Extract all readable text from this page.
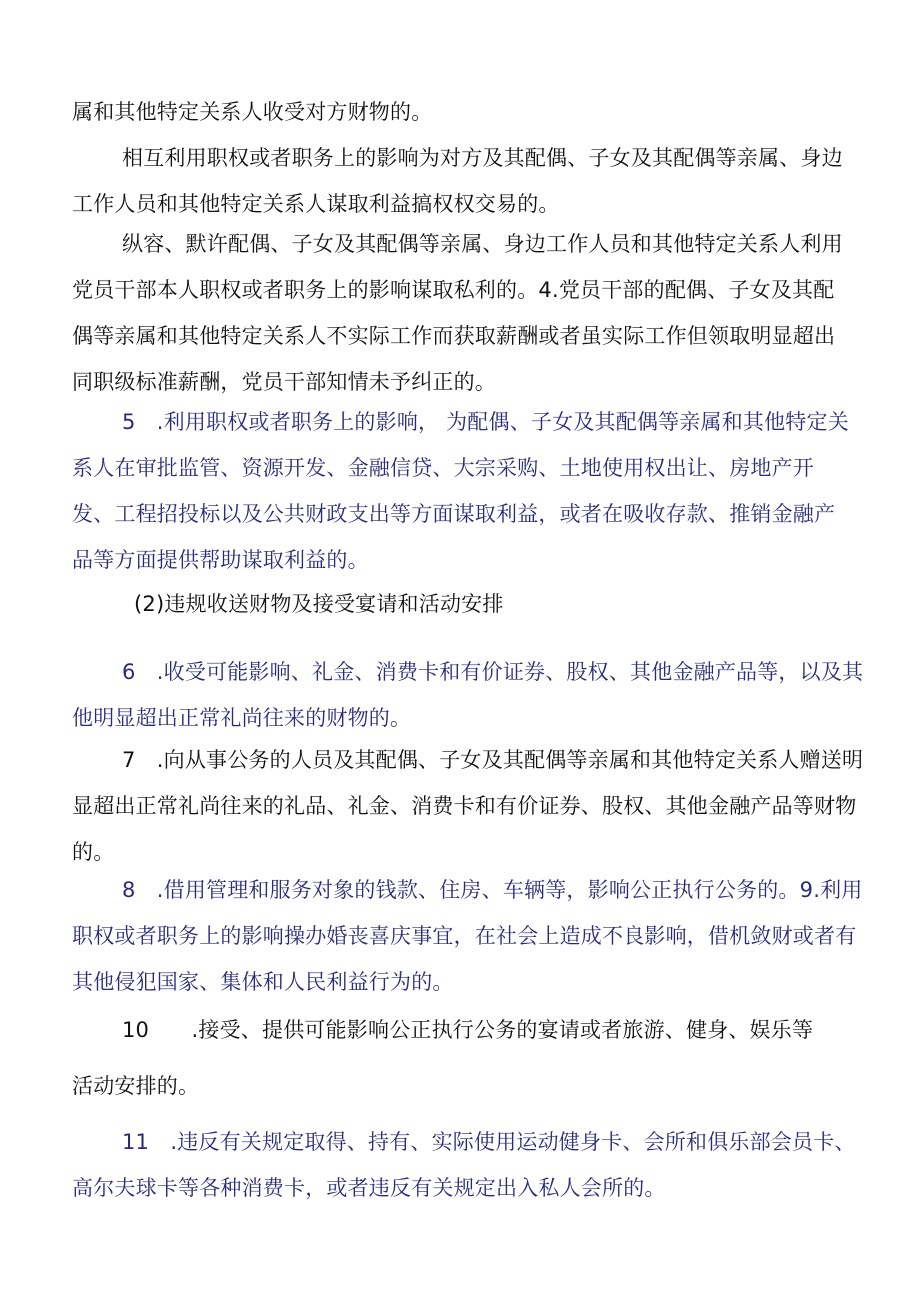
属和其他特定关系人收受对方财物的。

相互利用职权或者职务上的影响为对方及其配偶、子女及其配偶等亲属、身边
工作人员和其他特定关系人谋取利益搞权权交易的。

纵容、默许配偶、子女及其配偶等亲属、身边工作人员和其他特定关系人利用
党员干部本人职权或者职务上的影响谋取私利的。4.党员干部的配偶、子女及其配
偶等亲属和其他特定关系人不实际工作而获取薪酬或者虽实际工作但领取明显超出
同职级标准薪酬，党员干部知情未予纠正的。

5　.利用职权或者职务上的影响， 为配偶、子女及其配偶等亲属和其他特定关
系人在审批监管、资源开发、金融信贷、大宗采购、土地使用权出让、房地产开
发、工程招投标以及公共财政支出等方面谋取利益，或者在吸收存款、推销金融产
品等方面提供帮助谋取利益的。

(2)违规收送财物及接受宴请和活动安排

6　.收受可能影响、礼金、消费卡和有价证券、股权、其他金融产品等，以及其
他明显超出正常礼尚往来的财物的。

7　.向从事公务的人员及其配偶、子女及其配偶等亲属和其他特定关系人赠送明
显超出正常礼尚往来的礼品、礼金、消费卡和有价证券、股权、其他金融产品等财物
的。

8　.借用管理和服务对象的钱款、住房、车辆等，影响公正执行公务的。9.利用
职权或者职务上的影响操办婚丧喜庆事宜，在社会上造成不良影响，借机敛财或者有
其他侵犯国家、集体和人民利益行为的。

10　　.接受、提供可能影响公正执行公务的宴请或者旅游、健身、娱乐等

活动安排的。

11　.违反有关规定取得、持有、实际使用运动健身卡、会所和俱乐部会员卡、
高尔夫球卡等各种消费卡，或者违反有关规定出入私人会所的。
